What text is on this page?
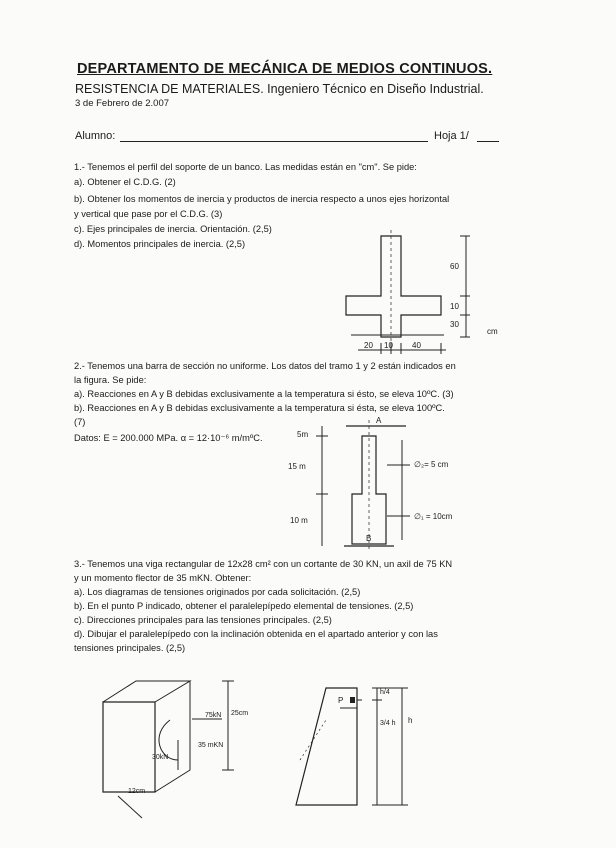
DEPARTAMENTO DE MECÁNICA DE MEDIOS CONTINUOS.
RESISTENCIA DE MATERIALES. Ingeniero Técnico en Diseño Industrial.
3 de Febrero de 2.007
Alumno:	Hoja 1/
1.- Tenemos el perfil del soporte de un banco. Las medidas están en "cm". Se pide:
a). Obtener el C.D.G. (2)
b). Obtener los momentos de inercia y productos de inercia respecto a unos ejes horizontal
y vertical que pase por el C.D.G. (3)
c). Ejes principales de inercia. Orientación. (2,5)
d). Momentos principales de inercia. (2,5)
2.- Tenemos una barra de sección no uniforme. Los datos del tramo 1 y 2 están indicados en
la figura. Se pide:
a). Reacciones en A y B debidas exclusivamente a la temperatura si ésto, se eleva 10ºC. (3)
b). Reacciones en A y B debidas exclusivamente a la temperatura si ésta, se eleva 100ºC.
(7)
Datos: E = 200.000 MPa. α = 12·10⁻⁶ m/mºC.
3.- Tenemos una viga rectangular de 12x28 cm² con un cortante de 30 KN, un axil de 75 KN
y un momento flector de 35 mKN. Obtener:
a). Los diagramas de tensiones originados por cada solicitación. (2,5)
b). En el punto P indicado, obtener el paralelepípedo elemental de tensiones. (2,5)
c). Direcciones principales para las tensiones principales. (2,5)
d). Dibujar el paralelepípedo con la inclinación obtenida en el apartado anterior y con las
tensiones principales. (2,5)
60
10
30
cm
20 10 40
5m
15 m
10 m
A
B
∅₂= 5 cm
∅₁ = 10cm
75kN 25cm
35 mKN
30kN
12cm
P
h/4
3/4 h h
